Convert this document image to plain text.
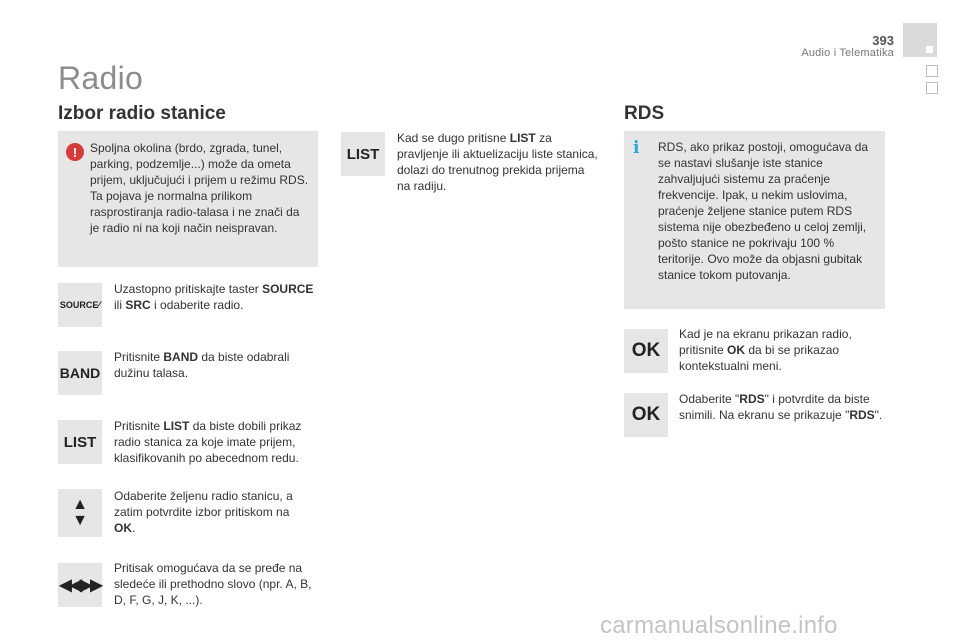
393
Audio i Telematika
Radio
Izbor radio stanice
!	Spoljna okolina (brdo, zgrada, tunel, parking, podzemlje...) može da ometa prijem, uključujući i prijem u režimu RDS. Ta pojava je normalna prilikom rasprostiranja radio-talasa i ne znači da je radio ni na koji način neispravan.
SOURCE ∕
Uzastopno pritiskajte taster SOURCE ili SRC i odaberite radio.
BAND
Pritisnite BAND da biste odabrali dužinu talasa.
LIST
Pritisnite LIST da biste dobili prikaz radio stanica za koje imate prijem, klasifikovanih po abecednom redu.
▲
▼
Odaberite željenu radio stanicu, a zatim potvrdite izbor pritiskom na OK.
◀◀ ▶▶
Pritisak omogućava da se pređe na sledeće ili prethodno slovo (npr. A, B, D, F, G, J, K, ...).
LIST
Kad se dugo pritisne LIST za pravljenje ili aktuelizaciju liste stanica, dolazi do trenutnog prekida prijema na radiju.
RDS
i RDS, ako prikaz postoji, omogućava da se nastavi slušanje iste stanice zahvaljujući sistemu za praćenje frekvencije. Ipak, u nekim uslovima, praćenje željene stanice putem RDS sistema nije obezbeđeno u celoj zemlji, pošto stanice ne pokrivaju 100 % teritorije. Ovo može da objasni gubitak stanice tokom putovanja.
OK
Kad je na ekranu prikazan radio, pritisnite OK da bi se prikazao kontekstualni meni.
OK
Odaberite "RDS" i potvrdite da biste snimili. Na ekranu se prikazuje "RDS".
carmanualsonline.info
